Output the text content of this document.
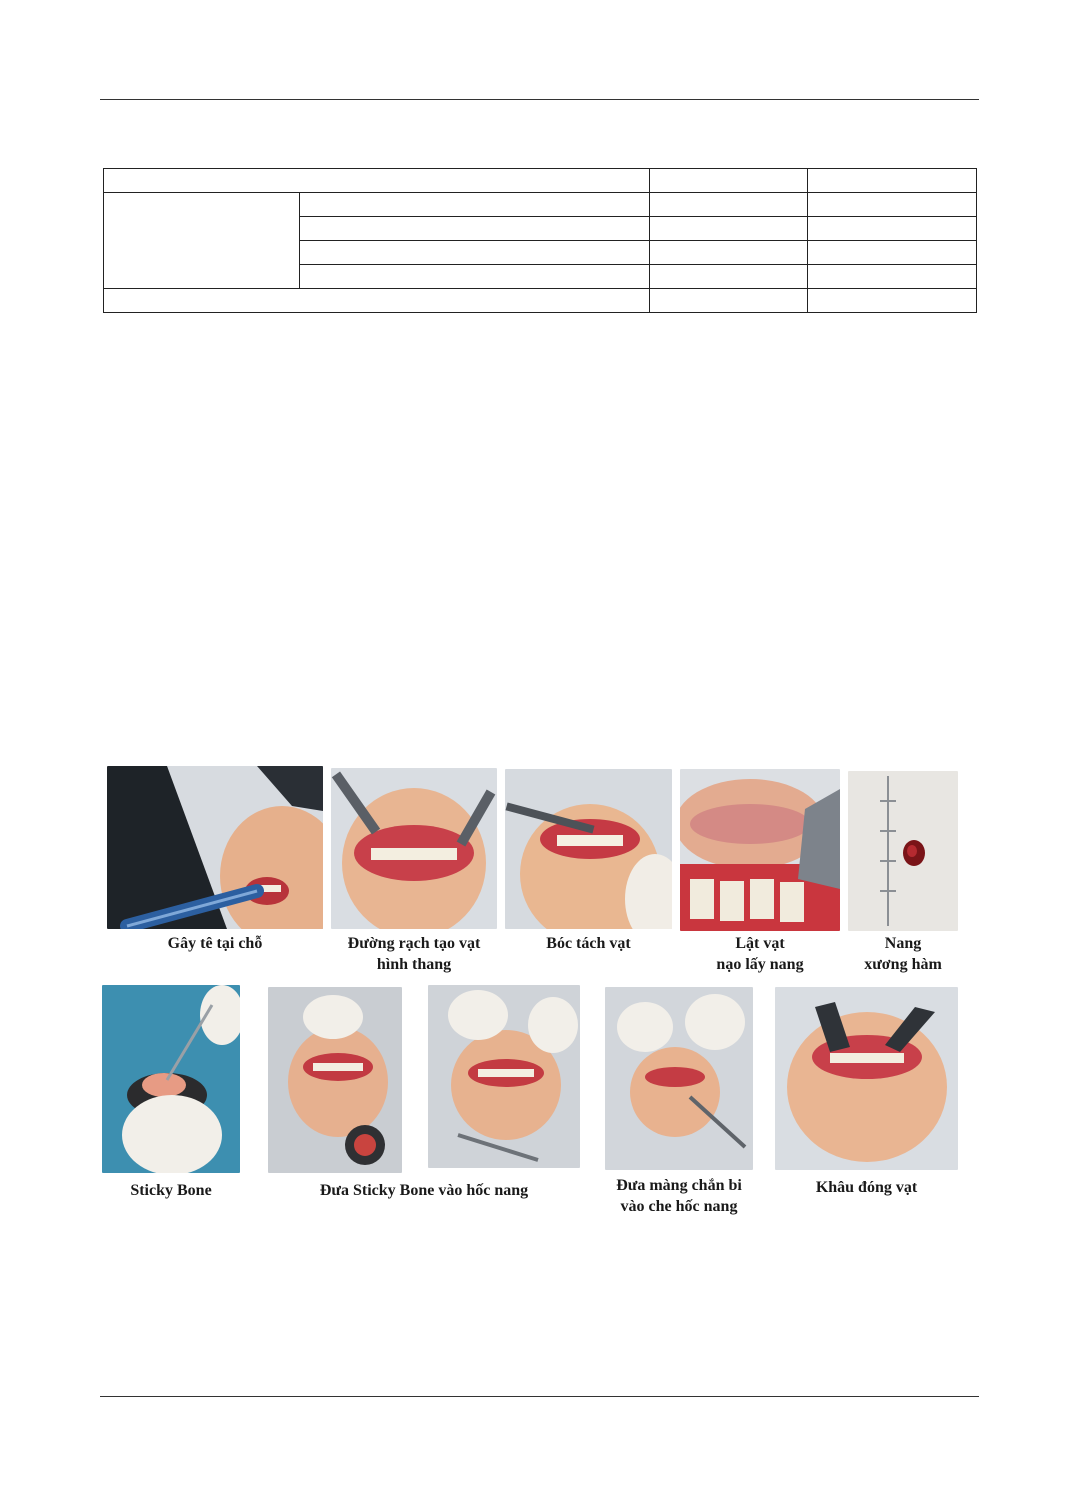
Gây tê tại chỗ	Đường rạch tạo vạt
hình thang
Bóc tách vạt	Lật vạt
nạo lấy nang
Nang
xương hàm
Sticky Bone	Đưa Sticky Bone vào hốc nang	Đưa màng chắn bi
vào che hốc nang
Khâu đóng vạt
